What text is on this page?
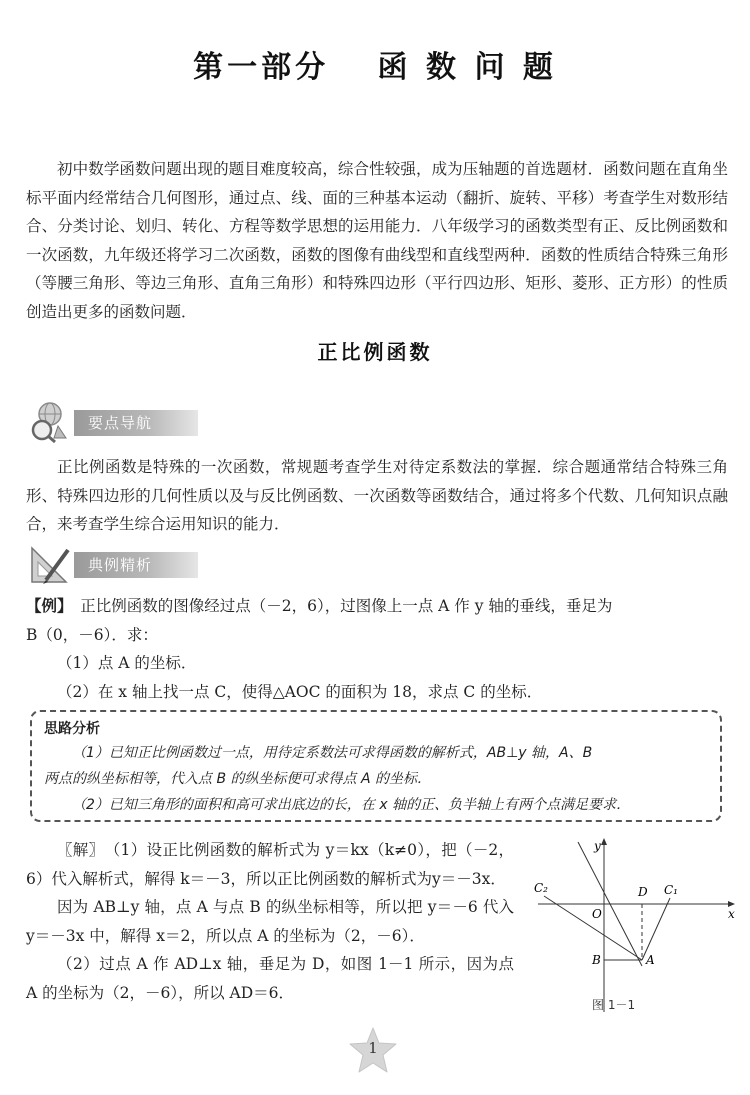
第一部分　 函 数 问 题

初中数学函数问题出现的题目难度较高，综合性较强，成为压轴题的首选题材．函数问题在直角坐标平面内经常结合几何图形，通过点、线、面的三种基本运动（翻折、旋转、平移）考查学生对数形结合、分类讨论、划归、转化、方程等数学思想的运用能力．八年级学习的函数类型有正、反比例函数和一次函数，九年级还将学习二次函数，函数的图像有曲线型和直线型两种．函数的性质结合特殊三角形（等腰三角形、等边三角形、直角三角形）和特殊四边形（平行四边形、矩形、菱形、正方形）的性质创造出更多的函数问题．

正比例函数
要点导航

正比例函数是特殊的一次函数，常规题考查学生对待定系数法的掌握．综合题通常结合特殊三角形、特殊四边形的几何性质以及与反比例函数、一次函数等函数结合，通过将多个代数、几何知识点融合，来考查学生综合运用知识的能力．

典例精析
【例】　正比例函数的图像经过点（－2，6），过图像上一点 A 作 y 轴的垂线，垂足为
B（0，－6）．求：
（1）点 A 的坐标．
（2）在 x 轴上找一点 C，使得△AOC 的面积为 18，求点 C 的坐标．
思路分析
（1）已知正比例函数过一点，用待定系数法可求得函数的解析式，AB⊥y 轴，A、B
两点的纵坐标相等，代入点 B 的纵坐标便可求得点 A 的坐标．
（2）已知三角形的面积和高可求出底边的长，在 x 轴的正、负半轴上有两个点满足要求．

〖解〗　（1）设正比例函数的解析式为 y＝kx（k≠0），把（－2，6）代入解析式，解得 k＝－3，所以正比例函数的解析式为y＝－3x．

因为 AB⊥y 轴，点 A 与点 B 的纵坐标相等，所以把 y＝－6 代入 y＝－3x 中，解得 x＝2，所以点 A 的坐标为（2，－6）．

（2）过点 A 作 AD⊥x 轴，垂足为 D，如图 1－1 所示，因为点 A 的坐标为（2，－6），所以 AD＝6．

y
x
O
D C₁
C₂
B	A
图 1－1
1
